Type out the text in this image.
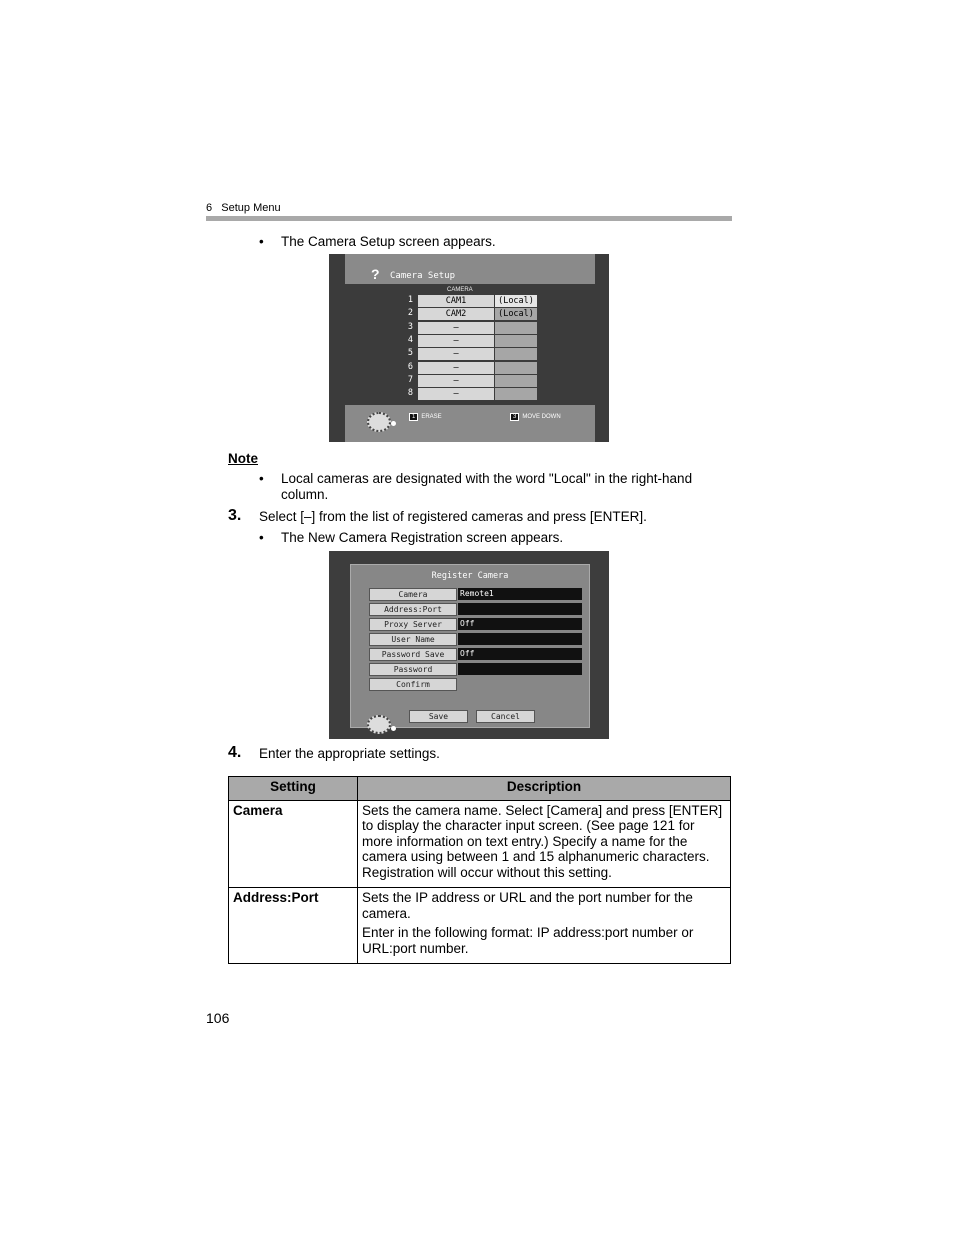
6 Setup Menu
• The Camera Setup screen appears.
? Camera Setup
CAMERA
1	CAM1	(Local)
2	CAM2	(Local)
3	—
4	—
5	—
6	—
7	—
8	—
1 ERASE	3 MOVE DOWN
Note
• Local cameras are designated with the word "Local" in the right-hand column.
3. Select [–] from the list of registered cameras and press [ENTER].
• The New Camera Registration screen appears.
Register Camera
Camera	Remote1
Address:Port
Proxy Server	Off
User Name
Password Save	Off
Password
Confirm
Save	Cancel
4. Enter the appropriate settings.
Setting	Description
Camera	Sets the camera name. Select [Camera] and press [ENTER] to display the character input screen. (See page 121 for more information on text entry.) Specify a name for the camera using between 1 and 15 alphanumeric characters. Registration will occur without this setting.

Address:Port	Sets the IP address or URL and the port number for the camera.

Enter in the following format: IP address:port number or URL:port number.

106
